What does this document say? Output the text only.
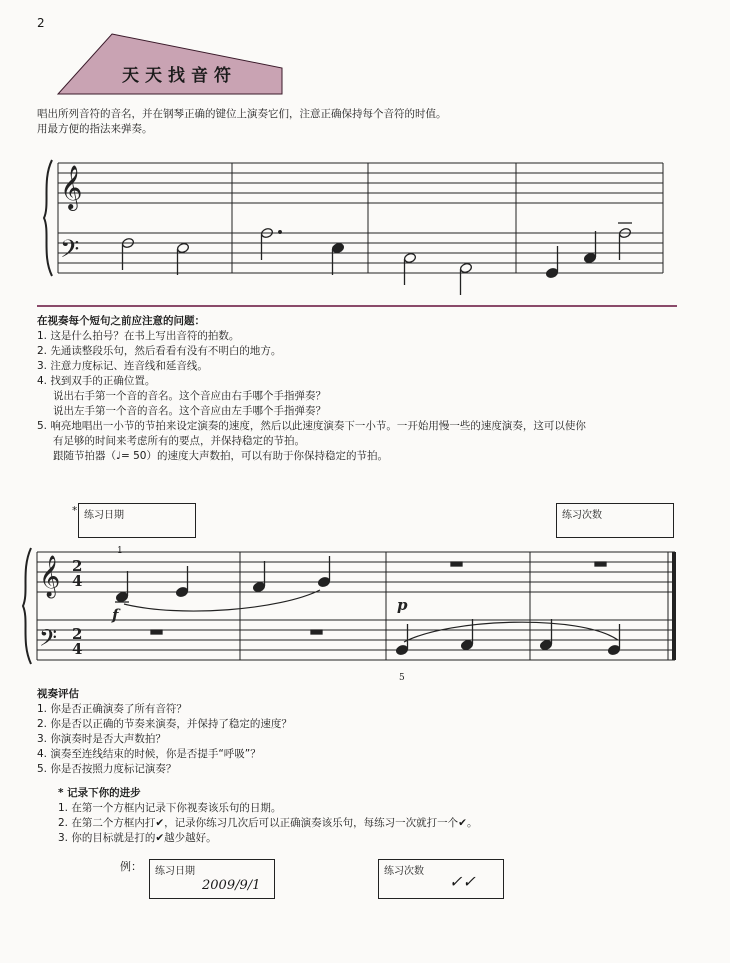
2
天天找音符
唱出所列音符的音名，并在钢琴正确的键位上演奏它们，注意正确保持每个音符的时值。
用最方便的指法来弹奏。
𝄞
𝄢
在视奏每个短句之前应注意的问题：
1. 这是什么拍号？在书上写出音符的拍数。
2. 先通读整段乐句，然后看看有没有不明白的地方。
3. 注意力度标记、连音线和延音线。
4. 找到双手的正确位置。
说出右手第一个音的音名。这个音应由右手哪个手指弹奏？
说出左手第一个音的音名。这个音应由左手哪个手指弹奏？
5. 响亮地唱出一小节的节拍来设定演奏的速度，然后以此速度演奏下一小节。一开始用慢一些的速度演奏，这可以使你
有足够的时间来考虑所有的要点，并保持稳定的节拍。
跟随节拍器（♩= 50）的速度大声数拍，可以有助于你保持稳定的节拍。
* 练习日期	练习次数
𝄞
𝄢
2
4
2
4
1
f
p
5
视奏评估
1. 你是否正确演奏了所有音符？
2. 你是否以正确的节奏来演奏，并保持了稳定的速度？
3. 你演奏时是否大声数拍？
4. 演奏至连线结束的时候，你是否提手“呼吸”？
5. 你是否按照力度标记演奏？
* 记录下你的进步
1. 在第一个方框内记录下你视奏该乐句的日期。
2. 在第二个方框内打✔，记录你练习几次后可以正确演奏该乐句，每练习一次就打一个✔。
3. 你的目标就是打的✔越少越好。
例： 练习日期
2009/9/1
练习次数
✓✓
